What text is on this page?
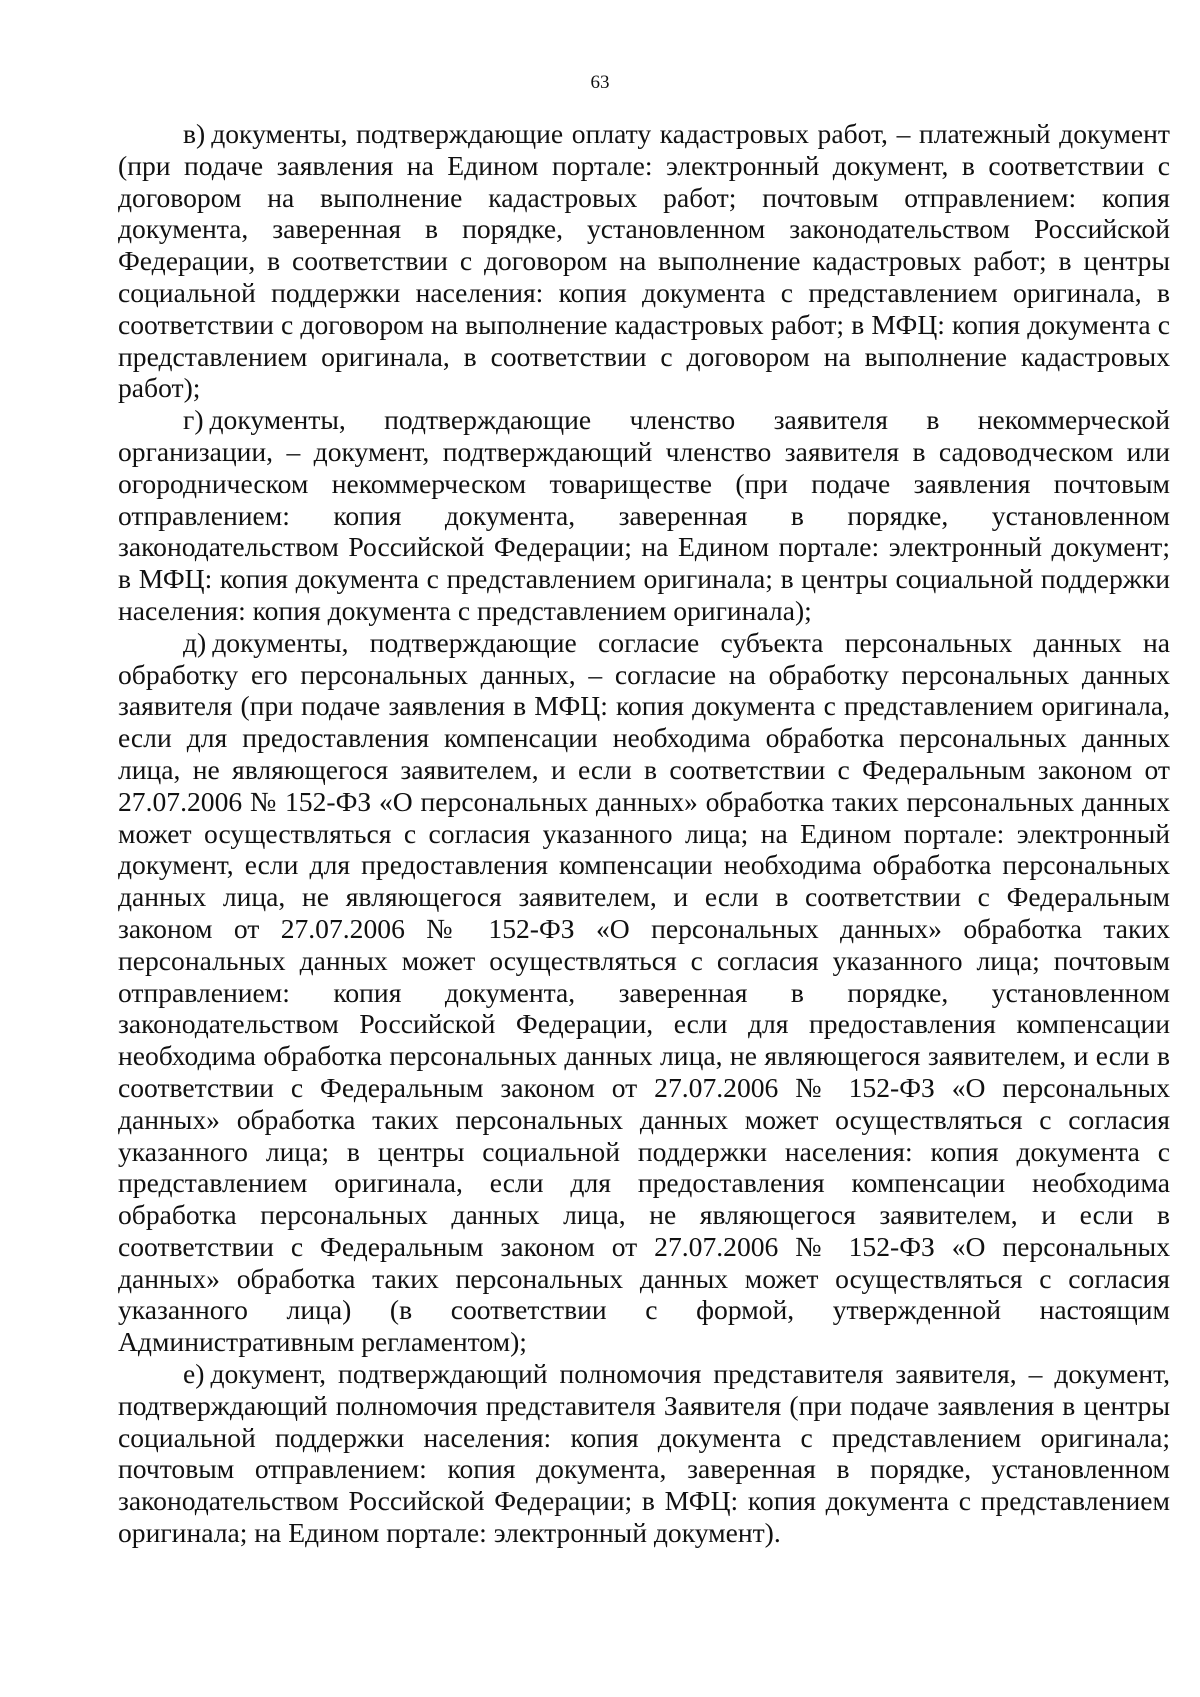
63

в) документы, подтверждающие оплату кадастровых работ, – платежный документ (при подаче заявления на Едином портале: электронный документ, в соответствии с договором на выполнение кадастровых работ; почтовым отправлением: копия документа, заверенная в порядке, установленном законодательством Российской Федерации, в соответствии с договором на выполнение кадастровых работ; в центры социальной поддержки населения: копия документа с представлением оригинала, в соответствии с договором на выполнение кадастровых работ; в МФЦ: копия документа с представлением оригинала, в соответствии с договором на выполнение кадастровых работ);

г) документы, подтверждающие членство заявителя в некоммерческой организации, – документ, подтверждающий членство заявителя в садоводческом или огородническом некоммерческом товариществе (при подаче заявления почтовым отправлением: копия документа, заверенная в порядке, установленном законодательством Российской Федерации; на Едином портале: электронный документ; в МФЦ: копия документа с представлением оригинала; в центры социальной поддержки населения: копия документа с представлением оригинала);

д) документы, подтверждающие согласие субъекта персональных данных на обработку его персональных данных, – согласие на обработку персональных данных заявителя (при подаче заявления в МФЦ: копия документа с представлением оригинала, если для предоставления компенсации необходима обработка персональных данных лица, не являющегося заявителем, и если в соответствии с Федеральным законом от 27.07.2006 № 152-ФЗ «О персональных данных» обработка таких персональных данных может осуществляться с согласия указанного лица; на Едином портале: электронный документ, если для предоставления компенсации необходима обработка персональных данных лица, не являющегося заявителем, и если в соответствии с Федеральным законом от 27.07.2006 № 152-ФЗ «О персональных данных» обработка таких персональных данных может осуществляться с согласия указанного лица; почтовым отправлением: копия документа, заверенная в порядке, установленном законодательством Российской Федерации, если для предоставления компенсации необходима обработка персональных данных лица, не являющегося заявителем, и если в соответствии с Федеральным законом от 27.07.2006 № 152-ФЗ «О персональных данных» обработка таких персональных данных может осуществляться с согласия указанного лица; в центры социальной поддержки населения: копия документа с представлением оригинала, если для предоставления компенсации необходима обработка персональных данных лица, не являющегося заявителем, и если в соответствии с Федеральным законом от 27.07.2006 № 152-ФЗ «О персональных данных» обработка таких персональных данных может осуществляться с согласия указанного лица) (в соответствии с формой, утвержденной настоящим Административным регламентом);

е) документ, подтверждающий полномочия представителя заявителя, – документ, подтверждающий полномочия представителя Заявителя (при подаче заявления в центры социальной поддержки населения: копия документа с представлением оригинала; почтовым отправлением: копия документа, заверенная в порядке, установленном законодательством Российской Федерации; в МФЦ: копия документа с представлением оригинала; на Едином портале: электронный документ).
